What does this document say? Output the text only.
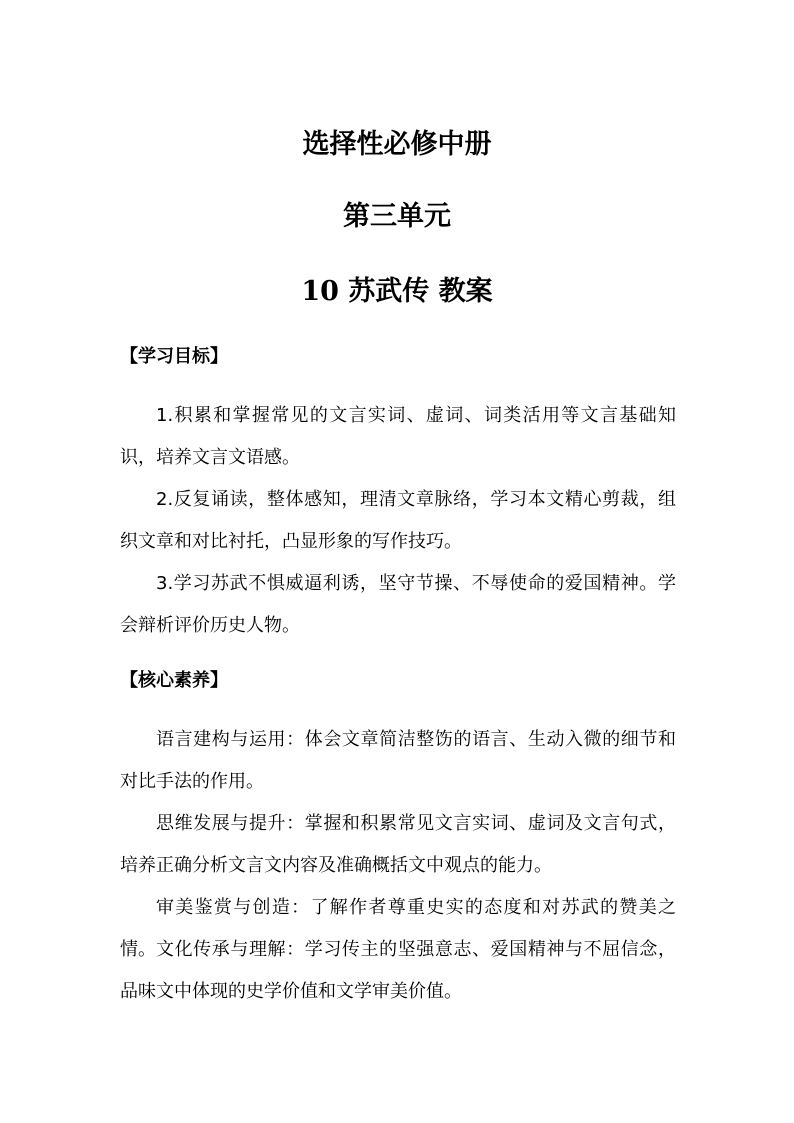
选择性必修中册
第三单元
10 苏武传 教案
【学习目标】
1.积累和掌握常见的文言实词、虚词、词类活用等文言基础知识，培养文言文语感。
2.反复诵读，整体感知，理清文章脉络，学习本文精心剪裁，组织文章和对比衬托，凸显形象的写作技巧。
3.学习苏武不惧威逼利诱，坚守节操、不辱使命的爱国精神。学会辩析评价历史人物。
【核心素养】
语言建构与运用：体会文章简洁整饬的语言、生动入微的细节和对比手法的作用。
思维发展与提升：掌握和积累常见文言实词、虚词及文言句式，培养正确分析文言文内容及准确概括文中观点的能力。
审美鉴赏与创造：了解作者尊重史实的态度和对苏武的赞美之情。 文化传承与理解：学习传主的坚强意志、爱国精神与不屈信念，品味文中体现的史学价值和文学审美价值。
